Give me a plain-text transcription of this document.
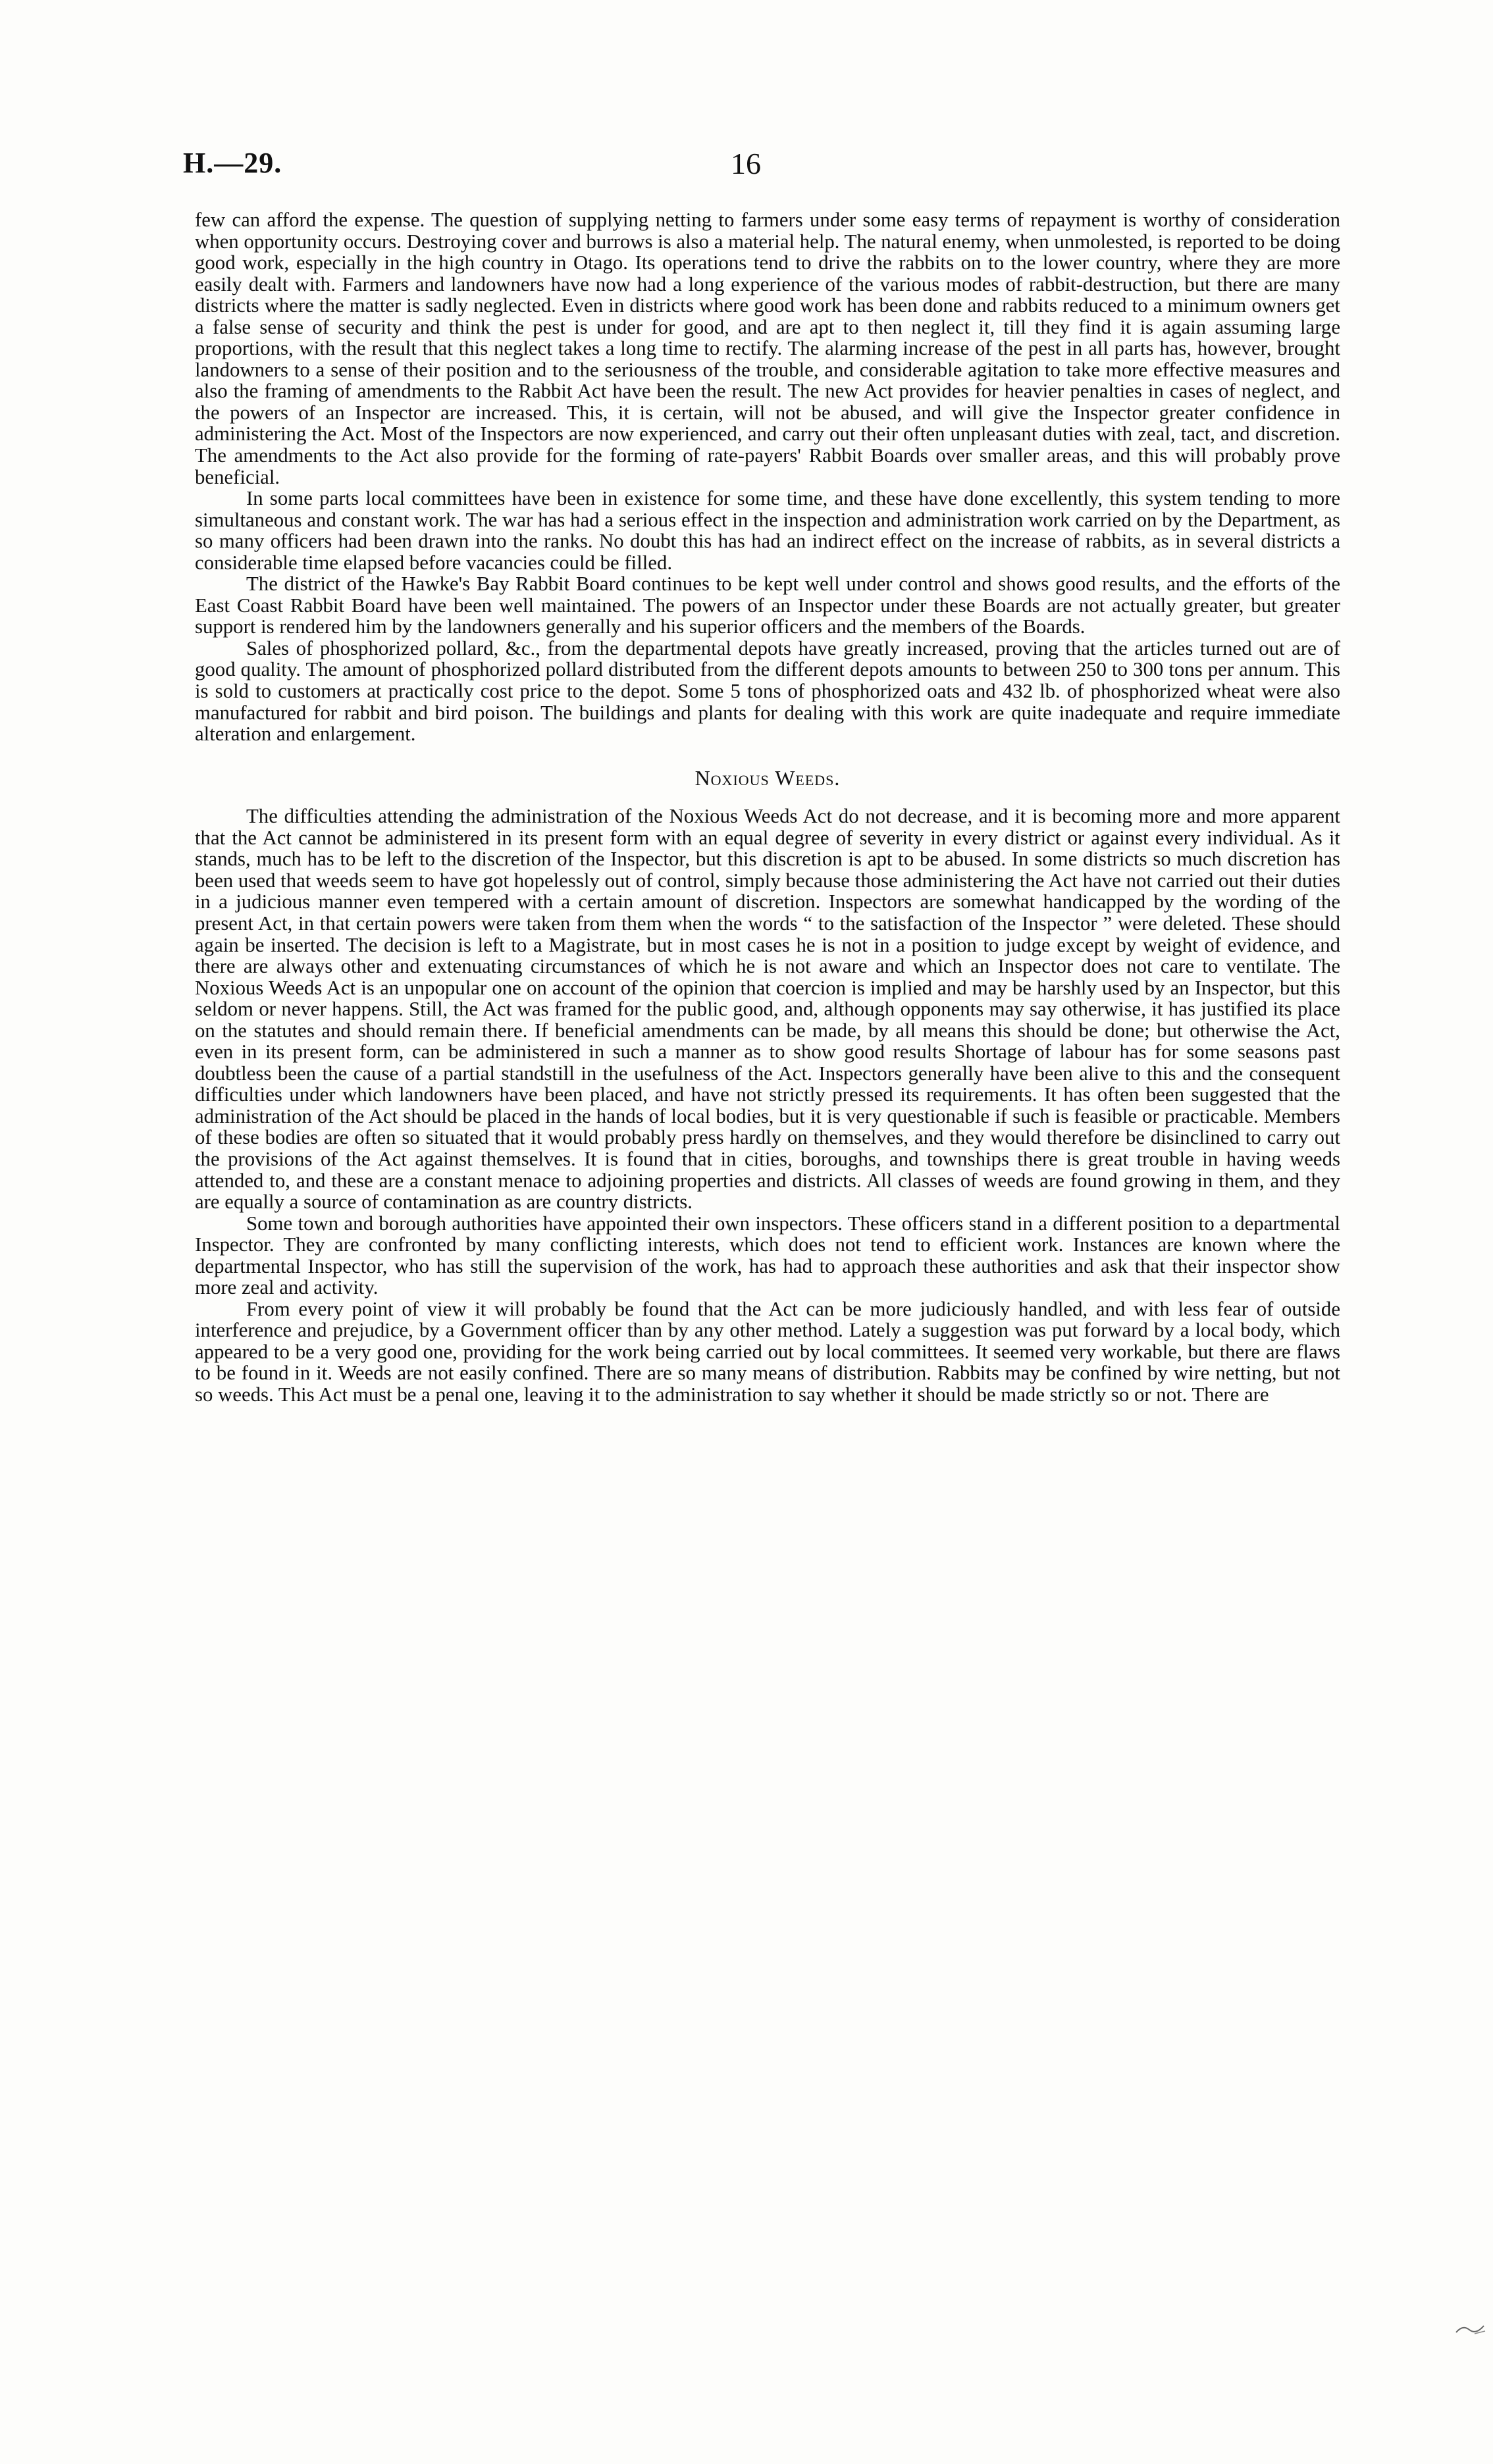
H.—29.	16

few can afford the expense. The question of supplying netting to farmers under some easy terms of repayment is worthy of consideration when opportunity occurs. Destroying cover and burrows is also a material help. The natural enemy, when unmolested, is reported to be doing good work, especially in the high country in Otago. Its operations tend to drive the rabbits on to the lower country, where they are more easily dealt with. Farmers and landowners have now had a long experience of the various modes of rabbit-destruction, but there are many districts where the matter is sadly neglected. Even in districts where good work has been done and rabbits reduced to a minimum owners get a false sense of security and think the pest is under for good, and are apt to then neglect it, till they find it is again assuming large proportions, with the result that this neglect takes a long time to rectify. The alarming increase of the pest in all parts has, however, brought landowners to a sense of their position and to the seriousness of the trouble, and considerable agitation to take more effective measures and also the framing of amendments to the Rabbit Act have been the result. The new Act provides for heavier penalties in cases of neglect, and the powers of an Inspector are increased. This, it is certain, will not be abused, and will give the Inspector greater confidence in administering the Act. Most of the Inspectors are now experienced, and carry out their often unpleasant duties with zeal, tact, and discretion. The amendments to the Act also provide for the forming of rate-payers' Rabbit Boards over smaller areas, and this will probably prove beneficial.

In some parts local committees have been in existence for some time, and these have done excellently, this system tending to more simultaneous and constant work. The war has had a serious effect in the inspection and administration work carried on by the Department, as so many officers had been drawn into the ranks. No doubt this has had an indirect effect on the increase of rabbits, as in several districts a considerable time elapsed before vacancies could be filled.

The district of the Hawke's Bay Rabbit Board continues to be kept well under control and shows good results, and the efforts of the East Coast Rabbit Board have been well maintained. The powers of an Inspector under these Boards are not actually greater, but greater support is rendered him by the landowners generally and his superior officers and the members of the Boards.

Sales of phosphorized pollard, &c., from the departmental depots have greatly increased, proving that the articles turned out are of good quality. The amount of phosphorized pollard distributed from the different depots amounts to between 250 to 300 tons per annum. This is sold to customers at practically cost price to the depot. Some 5 tons of phosphorized oats and 432 lb. of phosphorized wheat were also manufactured for rabbit and bird poison. The buildings and plants for dealing with this work are quite inadequate and require immediate alteration and enlargement.

Noxious Weeds.

The difficulties attending the administration of the Noxious Weeds Act do not decrease, and it is becoming more and more apparent that the Act cannot be administered in its present form with an equal degree of severity in every district or against every individual. As it stands, much has to be left to the discretion of the Inspector, but this discretion is apt to be abused. In some districts so much discretion has been used that weeds seem to have got hopelessly out of control, simply because those administering the Act have not carried out their duties in a judicious manner even tempered with a certain amount of discretion. Inspectors are somewhat handicapped by the wording of the present Act, in that certain powers were taken from them when the words “ to the satisfaction of the Inspector ” were deleted. These should again be inserted. The decision is left to a Magistrate, but in most cases he is not in a position to judge except by weight of evidence, and there are always other and extenuating circumstances of which he is not aware and which an Inspector does not care to ventilate. The Noxious Weeds Act is an unpopular one on account of the opinion that coercion is implied and may be harshly used by an Inspector, but this seldom or never happens. Still, the Act was framed for the public good, and, although opponents may say otherwise, it has justified its place on the statutes and should remain there. If beneficial amendments can be made, by all means this should be done; but otherwise the Act, even in its present form, can be administered in such a manner as to show good results Shortage of labour has for some seasons past doubtless been the cause of a partial standstill in the usefulness of the Act. Inspectors generally have been alive to this and the consequent difficulties under which landowners have been placed, and have not strictly pressed its requirements. It has often been suggested that the administration of the Act should be placed in the hands of local bodies, but it is very questionable if such is feasible or practicable. Members of these bodies are often so situated that it would probably press hardly on themselves, and they would therefore be disinclined to carry out the provisions of the Act against themselves. It is found that in cities, boroughs, and townships there is great trouble in having weeds attended to, and these are a constant menace to adjoining properties and districts. All classes of weeds are found growing in them, and they are equally a source of contamination as are country districts.

Some town and borough authorities have appointed their own inspectors. These officers stand in a different position to a departmental Inspector. They are confronted by many conflicting interests, which does not tend to efficient work. Instances are known where the departmental Inspector, who has still the supervision of the work, has had to approach these authorities and ask that their inspector show more zeal and activity.

From every point of view it will probably be found that the Act can be more judiciously handled, and with less fear of outside interference and prejudice, by a Government officer than by any other method. Lately a suggestion was put forward by a local body, which appeared to be a very good one, providing for the work being carried out by local committees. It seemed very workable, but there are flaws to be found in it. Weeds are not easily confined. There are so many means of distribution. Rabbits may be confined by wire netting, but not so weeds. This Act must be a penal one, leaving it to the administration to say whether it should be made strictly so or not. There are
